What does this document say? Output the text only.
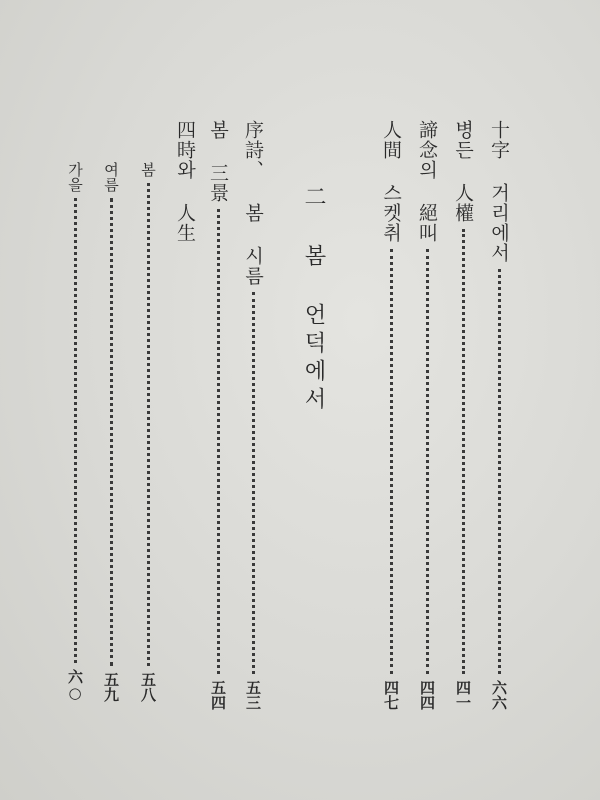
十字 거리에서
六六
병든 人權
四一
諦念의 絕叫
四四
人間 스켓취
四七
二 봄 언덕에서
序詩、 봄 시름
五三
봄 三景
五四
四時와 人生
봄
五八
여름
五九
가을
六○
